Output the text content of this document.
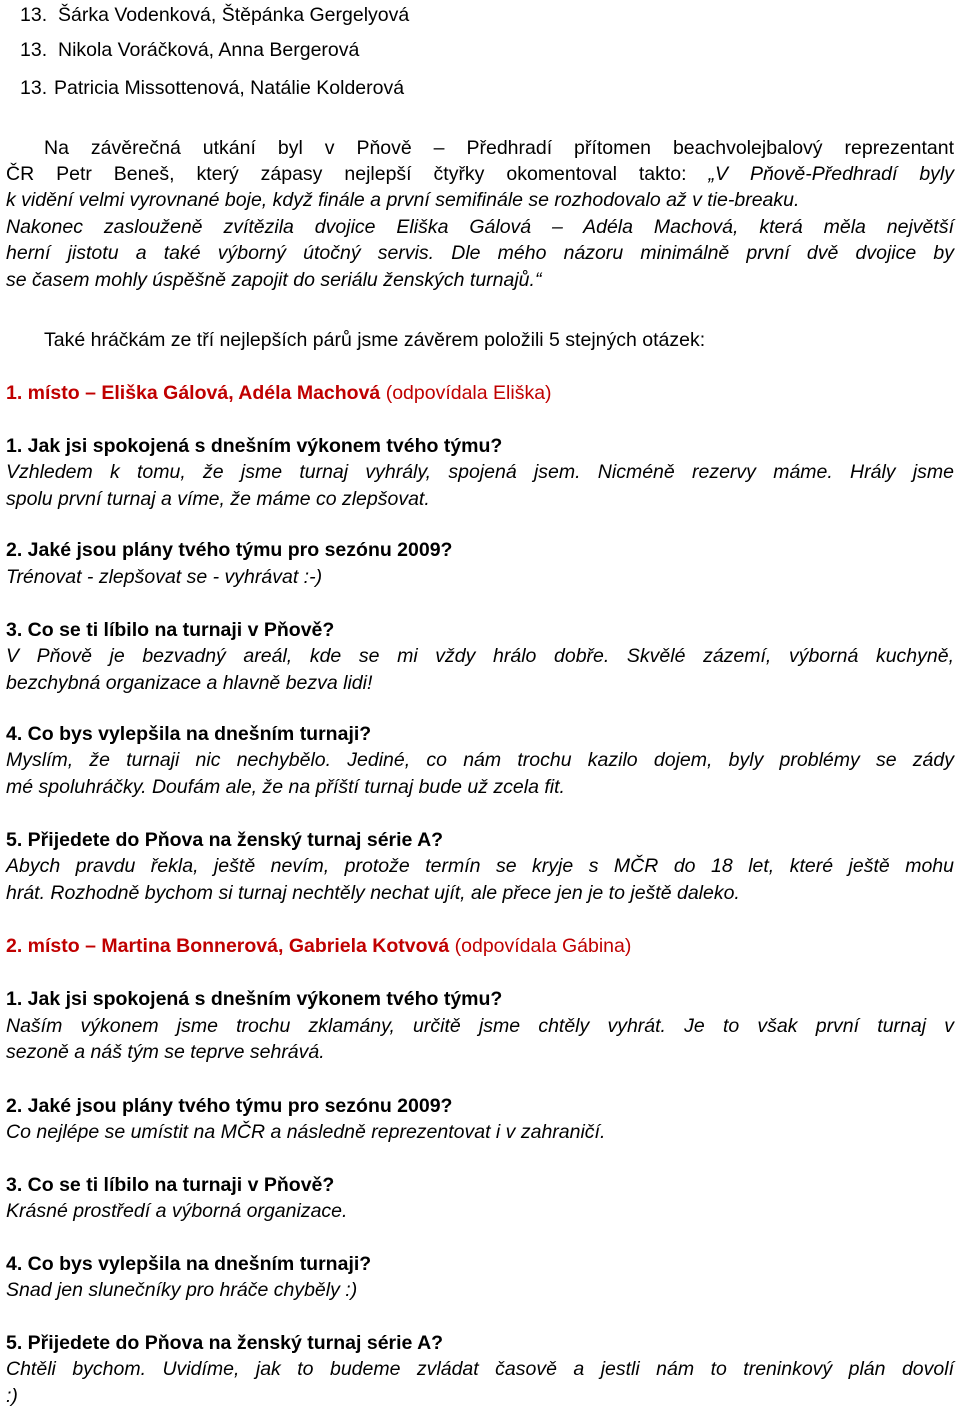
13. Šárka Vodenková, Štěpánka Gergelyová
13. Nikola Voráčková, Anna Bergerová
13. Patricia Missottenová, Natálie Kolderová
Na závěrečná utkání byl v Pňově – Předhradí přítomen beachvolejbalový reprezentant
ČR Petr Beneš, který zápasy nejlepší čtyřky okomentoval takto: „V Pňově-Předhradí byly
k vidění velmi vyrovnané boje, když finále a první semifinále se rozhodovalo až v tie-breaku.
Nakonec zaslouženě zvítězila dvojice Eliška Gálová – Adéla Machová, která měla největší
herní jistotu a také výborný útočný servis. Dle mého názoru minimálně první dvě dvojice by
se časem mohly úspěšně zapojit do seriálu ženských turnajů.“
Také hráčkám ze tří nejlepších párů jsme závěrem položili 5 stejných otázek:
1. místo – Eliška Gálová, Adéla Machová (odpovídala Eliška)
1. Jak jsi spokojená s dnešním výkonem tvého týmu?
Vzhledem k tomu, že jsme turnaj vyhrály, spojená jsem. Nicméně rezervy máme. Hrály jsme
spolu první turnaj a víme, že máme co zlepšovat.
2. Jaké jsou plány tvého týmu pro sezónu 2009?
Trénovat - zlepšovat se - vyhrávat :-)
3. Co se ti líbilo na turnaji v Pňově?
V Pňově je bezvadný areál, kde se mi vždy hrálo dobře. Skvělé zázemí, výborná kuchyně,
bezchybná organizace a hlavně bezva lidi!
4. Co bys vylepšila na dnešním turnaji?
Myslím, že turnaji nic nechybělo. Jediné, co nám trochu kazilo dojem, byly problémy se zády
mé spoluhráčky. Doufám ale, že na příští turnaj bude už zcela fit.
5. Přijedete do Pňova na ženský turnaj série A?
Abych pravdu řekla, ještě nevím, protože termín se kryje s MČR do 18 let, které ještě mohu
hrát. Rozhodně bychom si turnaj nechtěly nechat ujít, ale přece jen je to ještě daleko.
2. místo – Martina Bonnerová, Gabriela Kotvová (odpovídala Gábina)
1. Jak jsi spokojená s dnešním výkonem tvého týmu?
Naším výkonem jsme trochu zklamány, určitě jsme chtěly vyhrát. Je to však první turnaj v
sezoně a náš tým se teprve sehrává.
2. Jaké jsou plány tvého týmu pro sezónu 2009?
Co nejlépe se umístit na MČR a následně reprezentovat i v zahraničí.
3. Co se ti líbilo na turnaji v Pňově?
Krásné prostředí a výborná organizace.
4. Co bys vylepšila na dnešním turnaji?
Snad jen slunečníky pro hráče chyběly :)
5. Přijedete do Pňova na ženský turnaj série A?
Chtěli bychom. Uvidíme, jak to budeme zvládat časově a jestli nám to treninkový plán dovolí
:)
